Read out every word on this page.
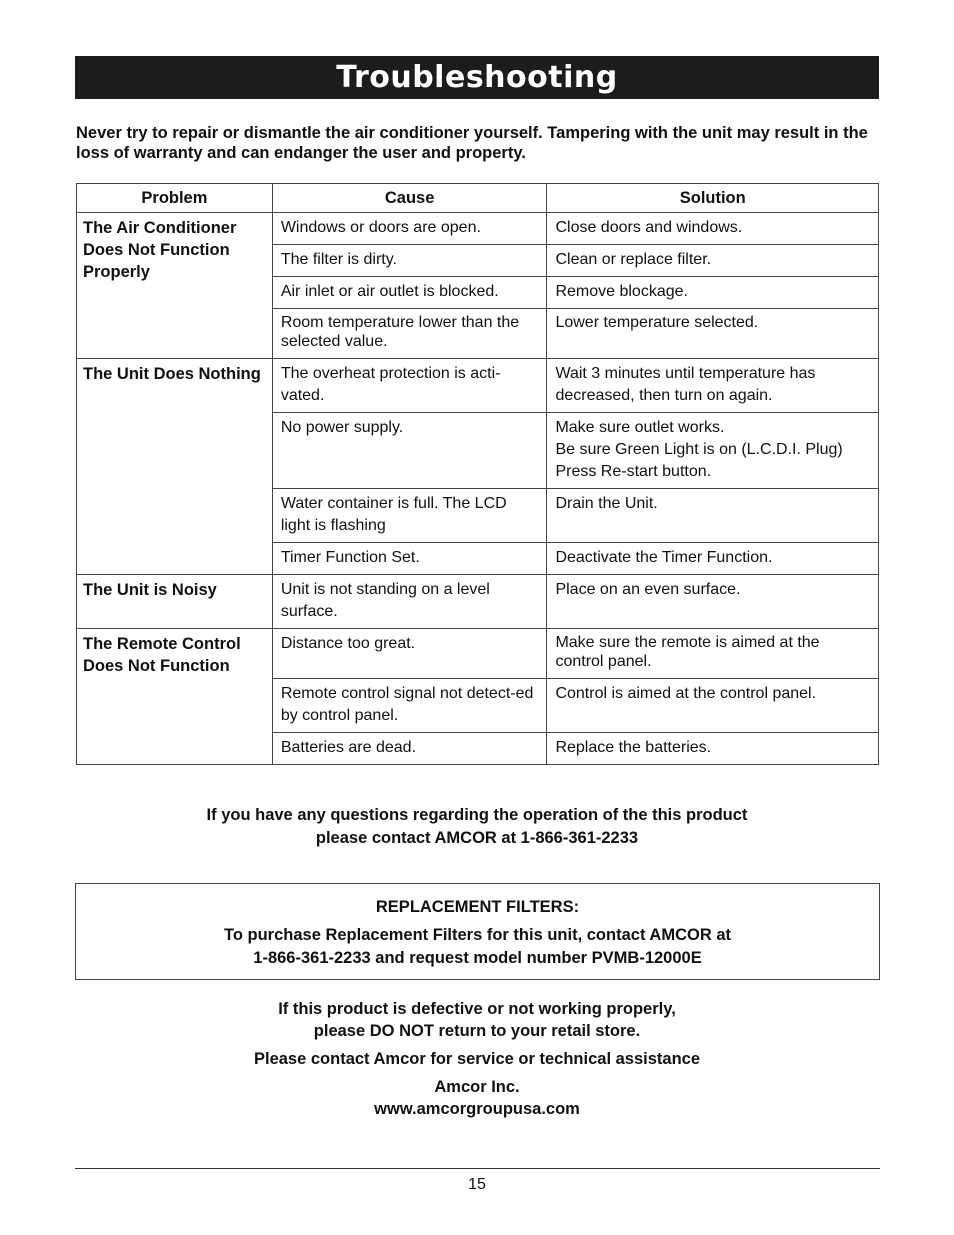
Troubleshooting

Never try to repair or dismantle the air conditioner yourself. Tampering with the unit may result in the loss of warranty and can endanger the user and property.

Problem	Cause	Solution
The Air Conditioner Does Not Function Properly	Windows or doors are open.	Close doors and windows.
	The filter is dirty.	Clean or replace filter.
	Air inlet or air outlet is blocked.	Remove blockage.
	Room temperature lower than the selected value.	Lower temperature selected.
The Unit Does Nothing	The overheat protection is acti-vated.	Wait 3 minutes until temperature has decreased, then turn on again.
	No power supply.	Make sure outlet works.
Be sure Green Light is on (L.C.D.I. Plug)
Press Re-start button.
	Water container is full. The LCD light is flashing	Drain the Unit.
	Timer Function Set.	Deactivate the Timer Function.
The Unit is Noisy	Unit is not standing on a level surface.	Place on an even surface.
The Remote Control Does Not Function	Distance too great.	Make sure the remote is aimed at the control panel.
	Remote control signal not detect-ed by control panel.	Control is aimed at the control panel.
	Batteries are dead.	Replace the batteries.
If you have any questions regarding the operation of the this product
please contact AMCOR at 1-866-361-2233
REPLACEMENT FILTERS:
To purchase Replacement Filters for this unit, contact AMCOR at
1-866-361-2233 and request model number PVMB-12000E
If this product is defective or not working properly,
please DO NOT return to your retail store.
Please contact Amcor for service or technical assistance
Amcor Inc.
www.amcorgroupusa.com
15
